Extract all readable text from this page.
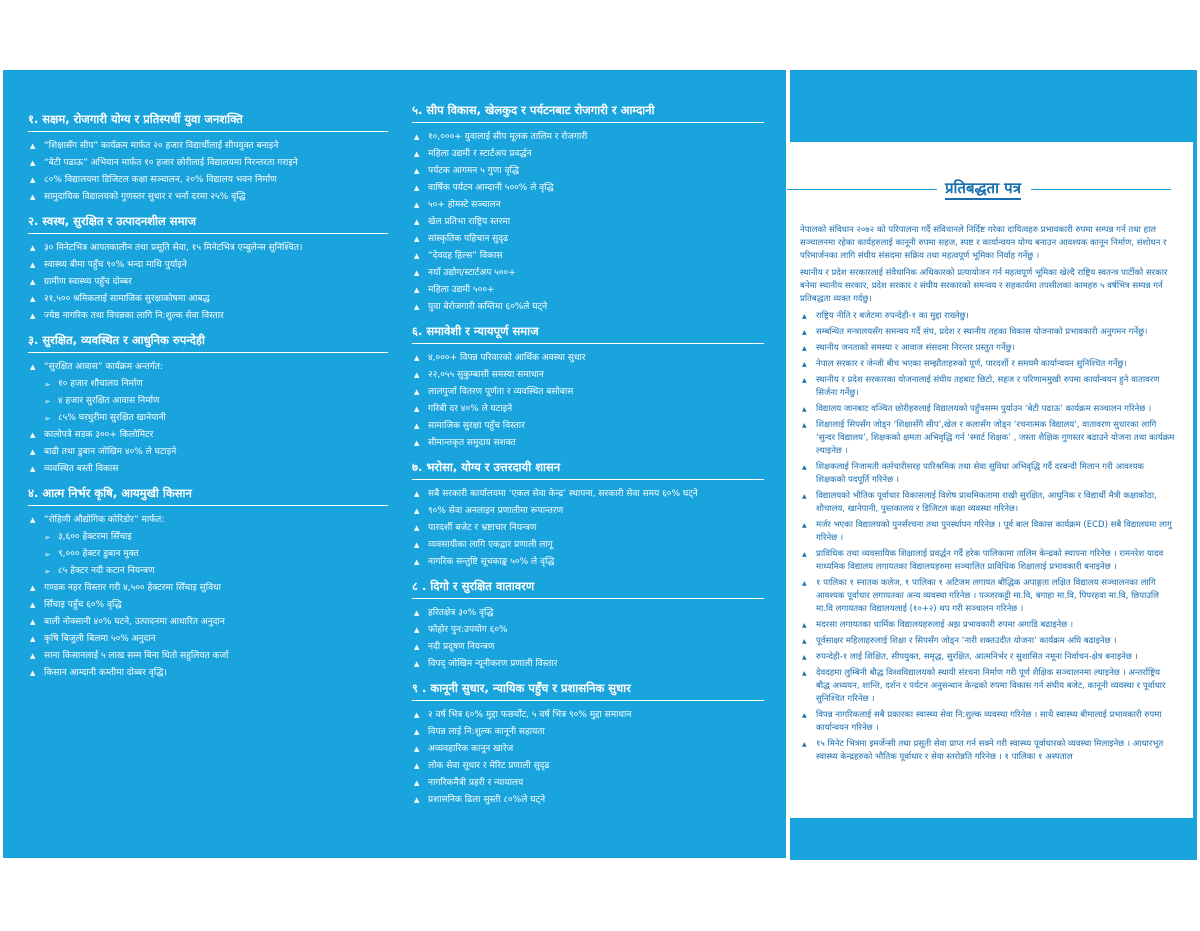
१. सक्षम, रोजगारी योग्य र प्रतिस्पर्धी युवा जनशक्ति
▲ “शिक्षासँग सीप” कार्यक्रम मार्फत २० हजार विद्यार्थीलाई सीपयुक्त बनाइने
▲ “बेटी पढाऊ” अभियान मार्फत १० हजार छोरीलाई विद्यालयमा निरन्तरता गराइने
▲ ८०% विद्यालयमा डिजिटल कक्षा सञ्चालन, २०% विद्यालय भवन निर्माण
▲ सामुदायिक विद्यालयको गुणस्तर सुधार र भर्ना दरमा २५% वृद्धि
२. स्वस्थ, सुरक्षित र उत्पादनशील समाज
▲ ३० मिनेटभित्र आपतकालीन तथा प्रसूति सेवा, १५ मिनेटभित्र एम्बुलेन्स सुनिश्चित।
▲ स्वास्थ्य बीमा पहुँच ९०% भन्दा माथि पुर्याइने
▲ ग्रामीण स्वास्थ्य पहुँच दोब्बर
▲ २१,५०० श्रमिकलाई सामाजिक सुरक्षाकोषमा आबद्ध
▲ ज्येष्ठ नागरिक तथा विपन्नका लागि नि:शुल्क सेवा विस्तार
३. सुरक्षित, व्यवस्थित र आधुनिक रुपन्देही
▲ “सुरक्षित आवास” कार्यक्रम अन्तर्गत:
➢ १० हजार शौचालय निर्माण
➢ ४ हजार सुरक्षित आवास निर्माण
➢ ८५% घरधुरीमा सुरक्षित खानेपानी
▲ कालोपत्रे सडक ३००+ किलोमिटर
▲ बाढी तथा डुबान जोखिम ४०% ले घटाइने
▲ व्यवस्थित बस्ती विकास
४. आत्म निर्भर कृषि, आयमुखी किसान
▲ “रोहिणी औद्योगिक कोरिडोर” मार्फत:
➢ ३,६०० हेक्टरमा सिँचाइ
➢ ९,००० हेक्टर डुबान मुक्त
➢ ८५ हेक्टर नदी कटान नियन्त्रण
▲ गण्डक नहर विस्तार गरी ४,५०० हेक्टरमा सिँचाइ सुविधा
▲ सिँचाइ पहुँच ६०% वृद्धि
▲ बाली नोक्सानी ४०% घटने, उत्पादनमा आधारित अनुदान
▲ कृषि बिजुली बिलमा ५०% अनुदान
▲ साना किसानलाई ५ लाख सम्म बिना धितो सहुलियत कर्जा
▲ किसान आम्दानी कम्तीमा दोब्बर वृद्धि।
५. सीप विकास, खेलकुद र पर्यटनबाट रोजगारी र आम्दानी
▲ १०,०००+ युवालाई सीप मूलक तालिम र रोजगारी
▲ महिला उद्यमी र स्टार्टअप प्रवर्द्धन
▲ पर्यटक आगमन ५ गुणा वृद्धि
▲ वार्षिक पर्यटन आम्दानी ५००% ले वृद्धि
▲ ५०+ होमस्टे सञ्चालन
▲ खेल प्रतिभा राष्ट्रिय स्तरमा
▲ सांस्कृतिक पहिचान सुदृढ
▲ “देवदह हिल्स” विकास
▲ नयाँ उद्योग/स्टार्टअप ५००+
▲ महिला उद्यमी ५००+
▲ युवा बेरोजगारी कम्तिमा ६०%ले घट्ने
६. समावेशी र न्यायपूर्ण समाज
▲ ४,०००+ विपन्न परिवारको आर्थिक अवस्था सुधार
▲ २२,०५५ सुकुम्बासी समस्या समाधान
▲ लालपुर्जा वितरण पूर्णता र व्यवस्थित बसोबास
▲ गरिबी दर ४०% ले घटाइने
▲ सामाजिक सुरक्षा पहुँच विस्तार
▲ सीमान्तकृत समुदाय सशक्त
७. भरोसा, योग्य र उत्तरदायी शासन
▲ सबै सरकारी कार्यालयमा ‘एकल सेवा केन्द्र’ स्थापना, सरकारी सेवा समय ६०% घट्ने
▲ ९०% सेवा अनलाइन प्रणालीमा रूपान्तरण
▲ पारदर्शी बजेट र भ्रष्टाचार नियन्त्रण
▲ व्यवसायीका लागि एकद्वार प्रणाली लागू
▲ नागरिक सन्तुष्टि सूचकाङ्क ५०% ले वृद्धि
८ . दिगो र सुरक्षित वातावरण
▲ हरितक्षेत्र ३०% वृद्धि
▲ फोहोर पुन:उपयोग ६०%
▲ नदी प्रदूषण नियन्त्रण
▲ विपद् जोखिम न्यूनीकरण प्रणाली विस्तार
९ . कानूनी सुधार, न्यायिक पहुँच र प्रशासनिक सुधार
▲ २ वर्ष भित्र ६०% मुद्दा फछर्योट, ५ वर्ष भित्र ९०% मुद्दा समाधान
▲ विपन्न लाई नि:शुल्क कानूनी सहायता
▲ अव्यवहारिक कानून खारेज
▲ लोक सेवा सुधार र मेरिट प्रणाली सुदृढ
▲ नागरिकमैत्री प्रहरी र न्यायालय
▲ प्रशासनिक ढिला सुस्ती ८०%ले घट्ने
प्रतिबद्धता पत्र

नेपालको संविधान २०७२ को परिपालना गर्दै संविधानले निर्दिष्ट गरेका दायित्वहरु प्रभावकारी रुपमा सम्पन्न गर्न तथा हाल सञ्चालनमा रहेका कार्यहरुलाई कानूनी रुपमा सहज, स्पष्ट र कार्यान्वयन योग्य बनाउन आवश्यक कानून निर्माण, संशोधन र परिमार्जनका लागि संघीय संसदमा सक्रिय तथा महत्वपूर्ण भूमिका निर्वाह गर्नेछु ।

स्थानीय र प्रदेश सरकारलाई संवैधानिक अधिकारको प्रत्यायोजन गर्न महत्वपूर्ण भूमिका खेल्दै राष्ट्रिय स्वतन्त्र पार्टीको सरकार बनेमा स्थानीय सरकार, प्रदेश सरकार र संघीय सरकारको समन्वय र सहकार्यमा तपसीलका कामहरु ५ वर्षभित्र सम्पन्न गर्न प्रतिबद्धता व्यक्त गर्दछु।

▲ राष्ट्रिय नीति र बजेटमा रुपन्देही-१ का मुद्दा राख्नेछु।
▲ सम्बन्धित मन्त्रालयसँग समन्वय गर्दै संघ, प्रदेश र स्थानीय तहका विकास योजनाको प्रभावकारी अनुगमन गर्नेछु।
▲ स्थानीय जनताको समस्या र आवाज संसदमा निरन्तर प्रस्तुत गर्नेछु।
▲ नेपाल सरकार र जेन्जी बीच भएका सम्झौताहरुको पूर्ण, पारदर्शी र समयमै कार्यान्वयन सुनिश्चित गर्नेछु।
▲ स्थानीय र प्रदेश सरकारका योजनालाई संघीय तहबाट छिटो, सहज र परिणाममुखी रुपमा कार्यान्वयन हुने वातावरण सिर्जना गर्नेछु।
▲ विद्यालय जानबाट वञ्चित छोरीहरुलाई विद्यालयको पहुँचसम्म पुर्याउन ‘बेटी पढाऊ’ कार्यक्रम सञ्चालन गरिनेछ ।
▲ शिक्षालाई सिपसँग जोड्न ‘शिक्षासँगै सीप’,खेल र कलासँग जोड्न ‘रचनात्मक विद्यालय’, वातावरण सुधारका लागि ‘सुन्दर विद्यालय’, शिक्षकको क्षमता अभिवृद्धि गर्न ‘स्मार्ट शिक्षक’ , जस्ता शैक्षिक गुणस्तर बढाउने योजना तथा कार्यक्रम ल्याइनेछ ।
▲ शिक्षकलाई निजामती कर्मचारीसरह पारिश्रमिक तथा सेवा सुविधा अभिवृद्धि गर्दै दरबन्दी मिलान गरी आवश्यक शिक्षकको पदपूर्ति गरिनेछ ।
▲ विद्यालयको भौतिक पूर्वाधार विकासलाई विशेष प्राथमिकतामा राखी सुरक्षित, आधुनिक र विद्यार्थी मैत्री कक्षाकोठा, शौचालय, खानेपानी, पुस्तकालय र डिजिटल कक्षा व्यवस्था गरिनेछ।
▲ मर्जर भएका विद्यालयको पुनर्संरचना तथा पुनर्स्थापन गरिनेछ । पूर्व बाल विकास कार्यक्रम (ECD) सबै विद्यालयमा लागु गरिनेछ ।
▲ प्राविधिक तथा व्यवसायिक शिक्षालाई प्रवर्द्धन गर्दै हरेक पालिकामा तालिम केन्द्रको स्थापना गरिनेछ । रामनरेश यादव माध्यमिक विद्यालय लगायतका विद्यालयहरुमा सञ्चालित प्राविधिक शिक्षालाई प्रभावकारी बनाइनेछ ।
▲ १ पालिका १ स्नातक कलेज, १ पालिका १ अटिजम लगायत बौद्धिक अपाङ्गता लक्षित विद्यालय सञ्चालनका लागि आवश्यक पूर्वाधार लगायतका अन्य व्यवस्था गरिनेछ । पञ्जरकट्टी मा.वि, बगाहा मा.वि, पिपरहवा मा.वि, छिपाउलि मा.वि लगायतका विद्यालयलाई (१०+२) थप गरी सञ्चालन गरिनेछ ।
▲ मदरसा लगायतका धार्मिक विद्यालयहरुलाई अझ प्रभावकारी रुपमा अगाडि बढाइनेछ ।
▲ पूर्वसाक्षर महिलाहरुलाई शिक्षा र सिपसँग जोड्न ‘नारी शक्तउदीत योजना’ कार्यक्रम अघि बढाइनेछ ।
▲ रुपन्देही-१ लाई शिक्षित, सीपयुक्त, समृद्ध, सुरक्षित, आत्मनिर्भर र सुशासित नमूना निर्वाचन-क्षेत्र बनाइनेछ ।
▲ देवदहमा लुम्बिनी बौद्ध विश्वविद्यालयको स्थायी संरचना निर्माण गरी पूर्ण शैक्षिक सञ्चालनमा ल्याइनेछ । अन्तर्राष्ट्रिय बौद्ध अध्ययन, शान्ति, दर्शन र पर्यटन अनुसन्धान केन्द्रको रुपमा विकास गर्न संघीय बजेट, कानूनी व्यवस्था र पूर्वाधार सुनिश्चित गरिनेछ ।
▲ विपन्न नागरिकलाई सबै प्रकारका स्वास्थ्य सेवा नि:शुल्क व्यवस्था गरिनेछ । साथै स्वास्थ्य बीमालाई प्रभावकारी रुपमा कार्यान्वयन गरिनेछ ।
▲ १५ मिनेट भित्रमा इमर्जेन्सी तथा प्रसूती सेवा प्राप्त गर्न सक्ने गरी स्वास्थ्य पूर्वाधारको व्यवस्था मिलाइनेछ । आधारभूत स्वास्थ्य केन्द्रहरुको भौतिक पूर्वाधार र सेवा स्तरोन्नति गरिनेछ । १ पालिका १ अस्पताल
